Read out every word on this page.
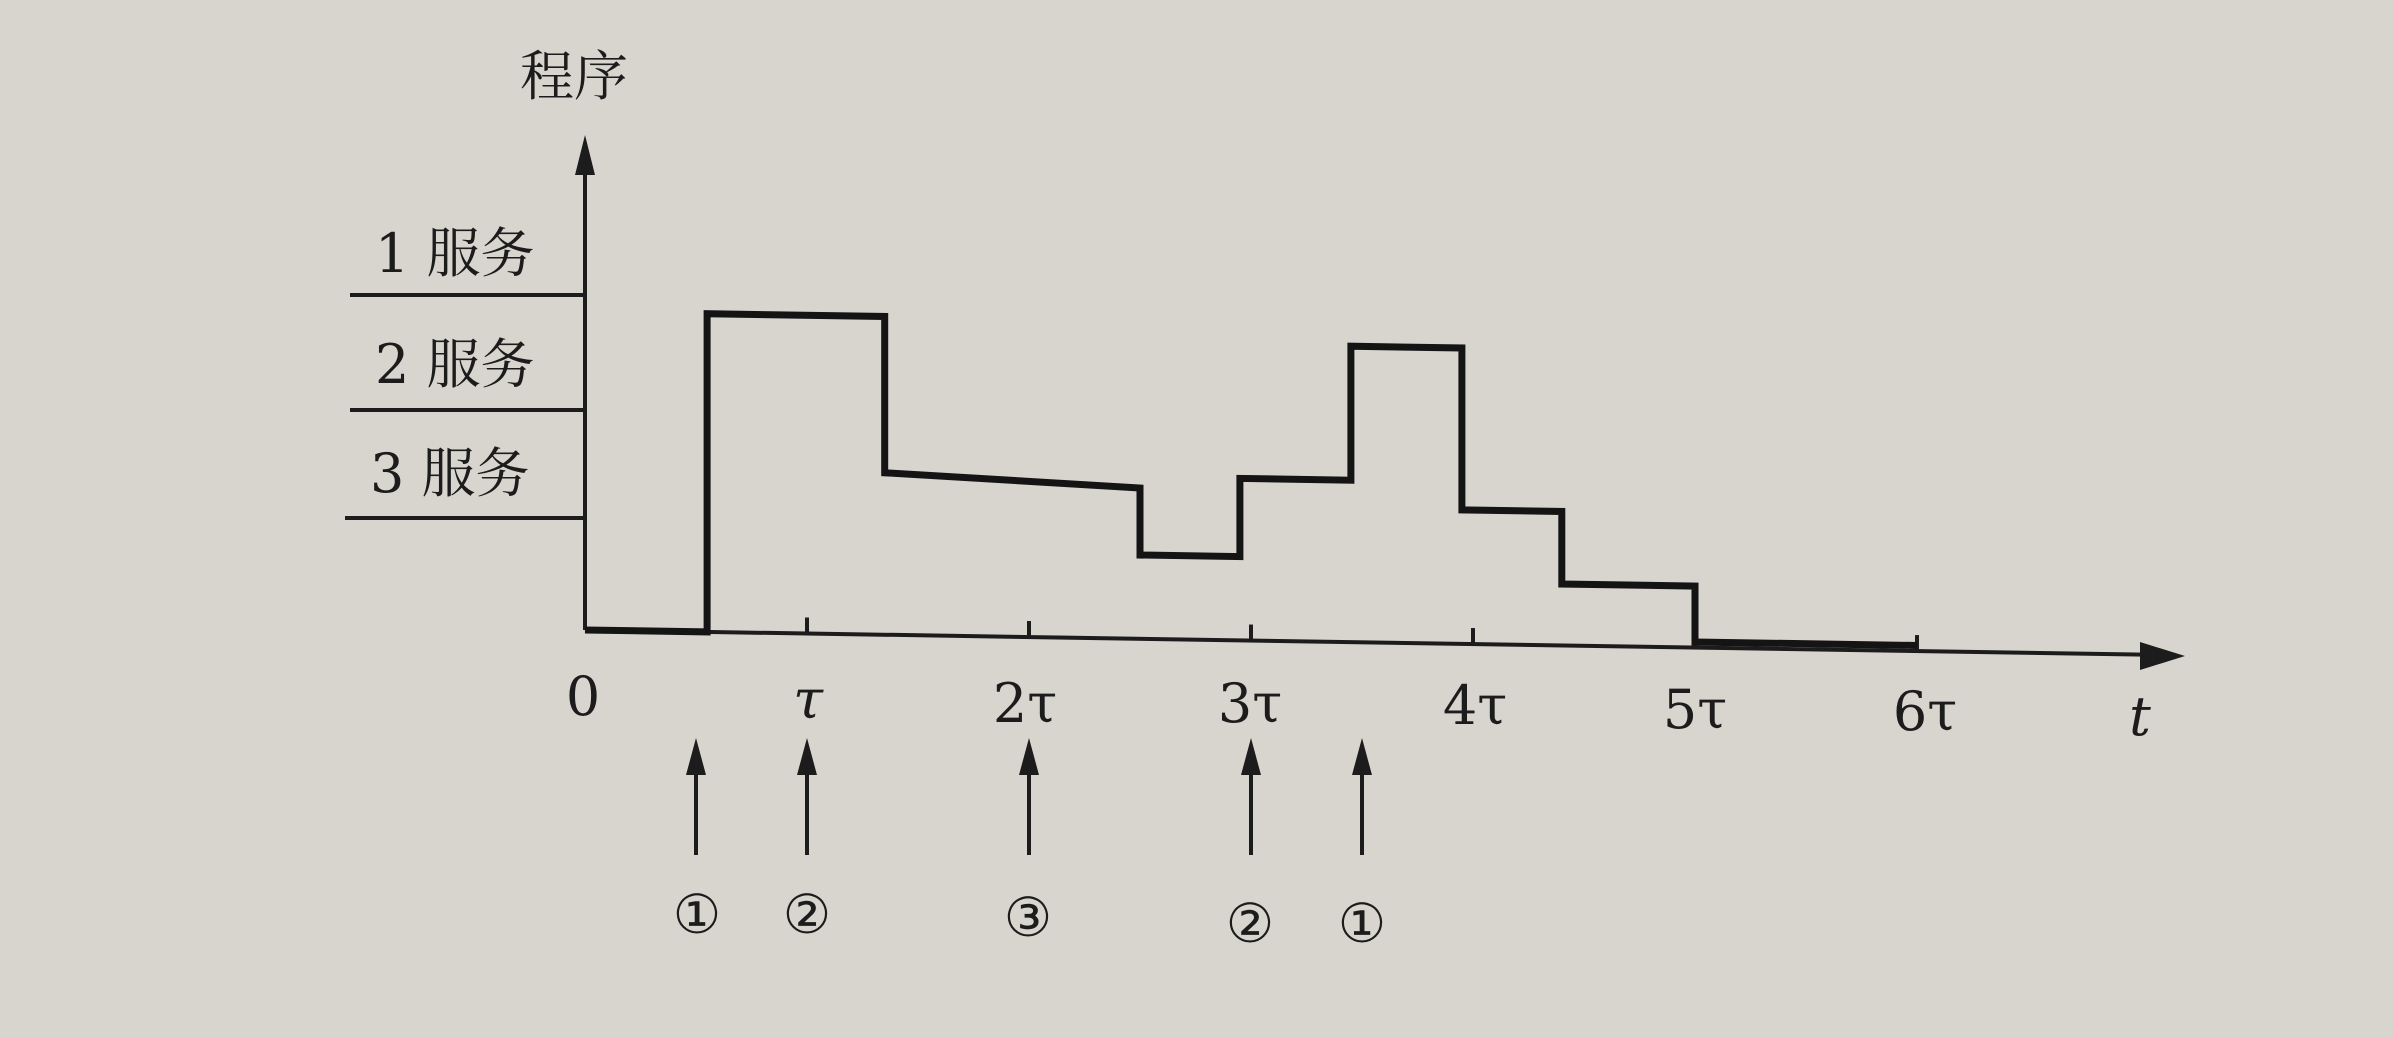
程序
1 服务
2 服务
3 服务
0	τ	2τ	3τ	4τ	5τ	6τ	t
① ②	③	② ①
